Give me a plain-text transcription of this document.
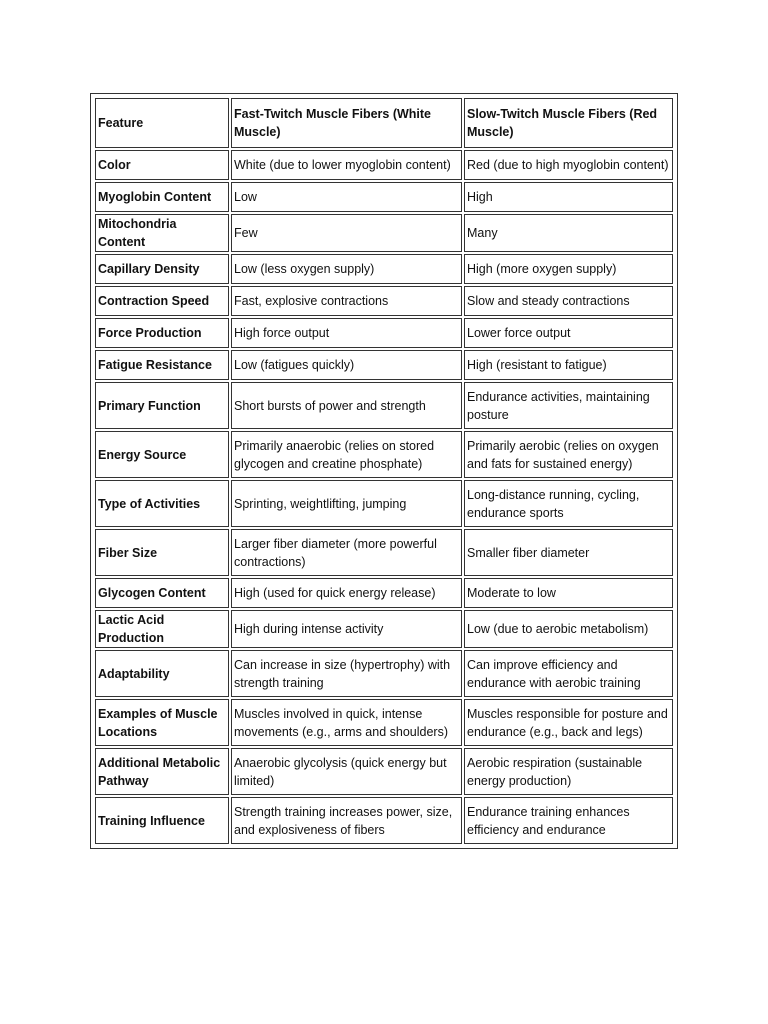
Feature	Fast-Twitch Muscle Fibers (White Muscle)	Slow-Twitch Muscle Fibers (Red Muscle)
Color	White (due to lower myoglobin content)	Red (due to high myoglobin content)
Myoglobin Content	Low	High
Mitochondria Content	Few	Many
Capillary Density	Low (less oxygen supply)	High (more oxygen supply)
Contraction Speed	Fast, explosive contractions	Slow and steady contractions
Force Production	High force output	Lower force output
Fatigue Resistance	Low (fatigues quickly)	High (resistant to fatigue)
Primary Function	Short bursts of power and strength	Endurance activities, maintaining posture
Energy Source	Primarily anaerobic (relies on stored glycogen and creatine phosphate)	Primarily aerobic (relies on oxygen and fats for sustained energy)
Type of Activities	Sprinting, weightlifting, jumping	Long-distance running, cycling, endurance sports
Fiber Size	Larger fiber diameter (more powerful contractions)	Smaller fiber diameter
Glycogen Content	High (used for quick energy release)	Moderate to low
Lactic Acid Production	High during intense activity	Low (due to aerobic metabolism)
Adaptability	Can increase in size (hypertrophy) with strength training	Can improve efficiency and endurance with aerobic training
Examples of Muscle Locations	Muscles involved in quick, intense movements (e.g., arms and shoulders)	Muscles responsible for posture and endurance (e.g., back and legs)
Additional Metabolic Pathway	Anaerobic glycolysis (quick energy but limited)	Aerobic respiration (sustainable energy production)
Training Influence	Strength training increases power, size, and explosiveness of fibers	Endurance training enhances efficiency and endurance
